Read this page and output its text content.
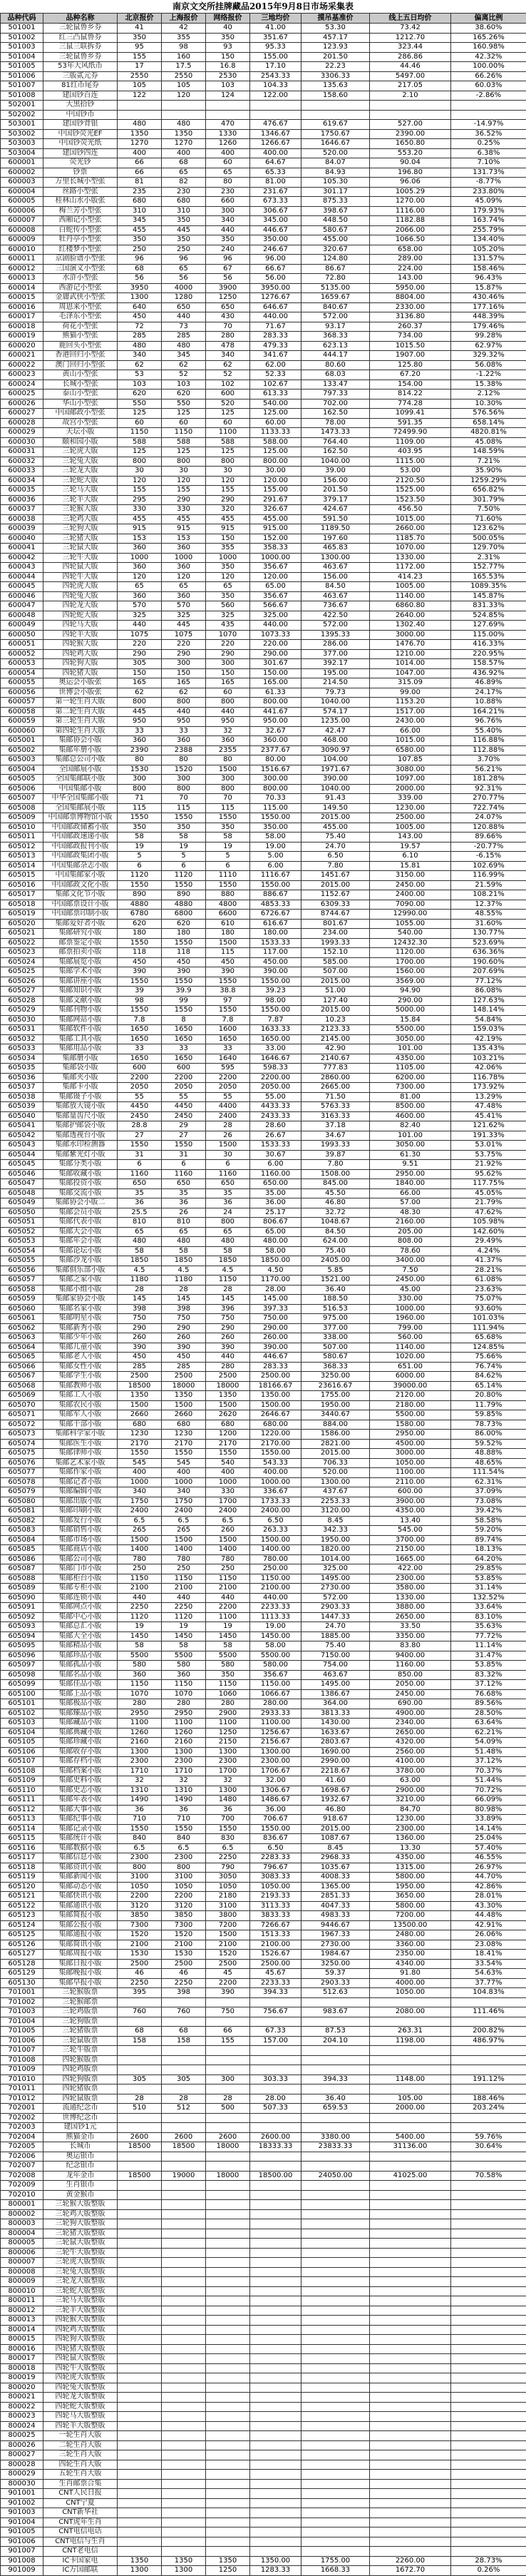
南京文交所挂牌藏品2015年9月8日市场采集表
品种代码	品种名称	北京报价	上海报价	网络报价	三地均价	摸吊基准价	线上五日均价	偏离比例
501001	三轮鼠鲁乡券	41	42	40	41.00	53.30	73.42	38.60%
501002	红三凸鼠鲁券	350	355	350	351.67	457.17	1212.70	165.26%
501003	三鼠三联拆券	95	98	93	95.33	123.93	323.44	160.98%
501004	三轮鼠鲁乡券	155	160	150	155.00	201.50	286.86	42.32%
501005	53年大风纸币	17	17.5	16.8	17.10	22.23	44.46	100.00%
501006	三版贰元券	2550	2550	2530	2543.33	3306.33	5497.00	66.26%
501007	81红币尾券	105	105	103	104.33	135.63	217.05	60.03%
501008	建国钞百连	122	120	124	122.00	158.60	2.10	-2.86%
502001	大黑拾钞							
502002	中国钞币							
503001	建国钞背银	480	480	470	476.67	619.67	527.00	-14.97%
503002	中国钞荧光EF	1350	1350	1330	1346.67	1750.67	2390.00	36.52%
503003	中国钞荧光纸	1270	1270	1260	1266.67	1646.67	1650.80	0.25%
503004	建国钞四连	400	400	400	400.00	520.00	553.20	6.38%
600001	荧光钞	66	68	60	64.67	84.07	90.04	7.10%
600002	钞票	66	65	65	65.33	84.93	196.80	131.73%
600003	万里长城小型张	81	82	80	81.00	105.30	96.06	-8.77%
600004	丝路小型张	235	230	230	231.67	301.17	1005.29	233.80%
600005	桂林山水小版张	680	680	660	673.33	875.33	1270.00	45.09%
600006	梅兰芳小型张	310	310	300	306.67	398.67	1116.00	179.93%
600007	西厢记小型张	345	350	340	345.00	448.50	1182.88	163.74%
600008	白蛇传小型张	455	445	440	446.67	580.67	2066.00	255.79%
600009	牡丹亭小型张	350	350	350	350.00	455.00	1066.50	134.40%
600010	红楼梦小型张	250	250	240	246.67	320.67	658.00	105.20%
600011	京剧脸谱小型张	96	96	96	96.00	124.80	289.00	131.57%
600012	三国演义小型张	68	65	67	66.67	86.67	224.00	158.46%
600013	水浒小型张	56	56	56	56.00	72.80	143.00	96.43%
600014	西游记小型张	3950	4000	3900	3950.00	5135.00	5950.00	15.87%
600015	金庸武侠小型张	1300	1280	1250	1276.67	1659.67	8804.00	430.46%
600016	周恩来小型张	640	650	650	646.67	840.67	2330.00	177.16%
600017	毛泽东小型张	450	440	430	440.00	572.00	3136.80	448.39%
600018	荷花小型张	72	73	70	71.67	93.17	260.37	179.46%
600019	熊猫小型张	285	285	280	283.33	368.33	734.00	99.28%
600020	鹿回头小型张	480	480	478	479.33	623.13	1015.50	62.97%
600021	香港回归小型张	340	345	340	341.67	444.17	1907.00	329.32%
600022	澳门回归小型张	62	62	62	62.00	80.60	125.80	56.08%
600023	黄山小型张	53	52	52	52.33	68.03	67.20	-1.22%
600024	长城小型张	103	103	102	102.67	133.47	154.00	15.38%
600025	泰山小型张	620	620	600	613.33	797.33	814.22	2.12%
600026	华山小型张	550	550	520	540.00	702.00	774.28	10.30%
600027	中国邮政小型张	125	125	125	125.00	162.50	1099.41	576.56%
600028	故宫小型张	60	60	60	60.00	78.00	591.35	658.14%
600029	天坛小版	1150	1150	1100	1133.33	1473.33	72499.90	4820.81%
600030	颐和园小版	588	588	588	588.00	764.40	1109.00	45.08%
600031	三轮虎大版	125	125	125	125.00	162.50	403.95	148.59%
600032	三轮兔大版	800	800	800	800.00	1040.00	1115.00	7.21%
600033	三轮龙大版	30	30	30	30.00	39.00	53.00	35.90%
600034	三轮蛇大版	120	120	120	120.00	156.00	2120.50	1259.29%
600035	三轮马大版	155	155	155	155.00	201.50	1525.00	656.82%
600036	三轮羊大版	295	290	290	291.67	379.17	1523.50	301.79%
600037	三轮猴大版	330	330	320	326.67	424.67	456.50	7.50%
600038	三轮鸡大版	455	455	455	455.00	591.50	1015.00	71.60%
600039	三轮狗大版	915	915	915	915.00	1189.50	2660.00	123.62%
600040	三轮猪大版	153	153	150	152.00	197.60	1185.70	500.05%
600041	三轮鼠大版	360	360	355	358.33	465.83	1070.00	129.70%
600042	三轮牛大版	1000	1000	1000	1000.00	1300.00	1330.00	2.31%
600043	四轮鼠大版	360	360	350	356.67	463.67	1172.00	152.77%
600044	四轮牛大版	120	120	120	120.00	156.00	414.23	165.53%
600045	四轮虎大版	65	65	65	65.00	84.50	1005.00	1089.35%
600046	四轮兔大版	360	360	350	356.67	463.67	1140.00	145.87%
600047	四轮龙大版	570	570	560	566.67	736.67	6860.80	831.33%
600048	四轮蛇大版	325	325	325	325.00	422.50	2640.00	524.85%
600049	四轮马大版	440	445	435	440.00	572.00	1302.40	127.69%
600050	四轮羊大版	1075	1075	1070	1073.33	1395.33	3000.00	115.00%
600051	四轮猴大版	220	220	220	220.00	286.00	1476.70	416.33%
600052	四轮鸡大版	290	290	290	290.00	377.00	1210.00	220.95%
600053	四轮狗大版	305	300	300	301.67	392.17	1014.00	158.57%
600054	四轮猪大版	150	150	150	150.00	195.00	1047.00	436.92%
600055	奥运会小版张	165	165	165	165.00	214.50	315.09	46.89%
600056	世博会小版张	62	62	60	61.33	79.73	99.00	24.17%
600057	第一轮生肖大版	800	800	800	800.00	1040.00	1153.20	10.88%
600058	第二轮生肖大版	445	440	440	441.67	574.17	1517.00	164.21%
600059	第三轮生肖大版	950	950	950	950.00	1235.00	2430.00	96.76%
600060	第四轮生肖大版	33	33	32	32.67	42.47	66.00	55.40%
605001	集邮协会小版	360	360	360	360.00	468.00	1015.00	116.88%
605002	集邮年册小版	2390	2388	2355	2377.67	3090.97	6580.00	112.88%
605003	集邮总公司小版	80	80	80	80.00	104.00	107.85	3.70%
605004	全国邮展小版	1530	1520	1500	1516.67	1971.67	3080.00	56.21%
605005	全国集邮联小版	300	300	300	300.00	390.00	1097.00	181.28%
605006	中国集邮小版	800	800	800	800.00	1040.00	2000.00	92.31%
605007	中华全国集邮小版	71	70	70	70.33	91.43	339.00	270.77%
605008	全国集邮展小版	115	115	115	115.00	149.50	1230.00	722.74%
605009	中国邮票博物馆小版	1550	1550	1550	1550.00	2015.00	2500.00	24.07%
605010	中国邮政储蓄小版	350	350	350	350.00	455.00	1005.00	120.88%
605011	中国邮政速递小版	58	58	58	58.00	75.40	143.00	89.66%
605012	中国邮政报刊小版	19	19	19	19.00	24.70	19.57	-20.77%
605013	中国邮政集团小版	5	5	5	5.00	6.50	6.10	-6.15%
605014	中国集邮杂志小版	6	6	6	6.00	7.80	15.81	102.69%
605015	中国集邮家小版	1120	1120	1110	1116.67	1451.67	3150.00	116.99%
605016	中国邮政文化小版	1550	1550	1550	1550.00	2015.00	2450.00	21.59%
605017	集邮文化节小版	890	890	880	886.67	1152.67	2400.00	108.21%
605018	中国邮票设计小版	4880	4880	4800	4853.33	6309.33	7090.00	12.37%
605019	中国邮票印制小版	6780	6800	6600	6726.67	8744.67	12990.00	48.55%
605020	集邮爱好者小版	620	620	610	616.67	801.67	1055.00	31.60%
605021	集邮研究小版	180	180	180	180.00	234.00	540.00	130.77%
605022	邮票鉴定小版	1550	1550	1500	1533.33	1993.33	12432.30	523.69%
605023	邮票拍卖小版	118	118	115	117.00	152.10	1120.00	636.36%
605024	集邮展览小版	450	450	450	450.00	585.00	1700.00	190.60%
605025	集邮学术小版	390	390	390	390.00	507.00	1560.00	207.69%
605026	集邮讲座小版	1550	1550	1550	1550.00	2015.00	3569.00	77.12%
605027	集邮知识小版	39	39.9	38.8	39.23	51.00	94.90	86.08%
605028	集邮文献小版	98	99	97	98.00	127.40	290.00	127.63%
605029	集邮刊物小版	1550	1550	1550	1550.00	2015.00	5000.00	148.14%
605030	集邮网站小版	7.8	8	7.8	7.87	10.23	15.84	54.84%
605031	集邮软件小版	1650	1650	1600	1633.33	2123.33	5500.00	159.03%
605032	集邮工具小版	1650	1650	1650	1650.00	2145.00	3050.00	42.19%
605033	集邮用品小版	33	33	33	33.00	42.90	101.00	135.43%
605034	集邮册小版	1650	1650	1640	1646.67	2140.67	4350.00	103.21%
605035	集邮袋小版	600	600	595	598.33	777.83	1105.00	42.06%
605036	集邮夹小版	2200	2200	2200	2200.00	2860.00	6200.00	116.78%
605037	集邮卡小版	2050	2050	2050	2050.00	2665.00	7300.00	173.92%
605038	集邮镊子小版	55	55	55	55.00	71.50	81.00	13.29%
605039	集邮放大镜小版	4450	4450	4400	4433.33	5763.33	8500.00	47.48%
605040	集邮量齿尺小版	2450	2450	2400	2433.33	3163.33	4600.00	45.41%
605041	集邮护邮袋小版	28.8	29	28	28.60	37.18	82.40	121.62%
605042	集邮透视台小版	27	27	26	26.67	34.67	101.00	191.33%
605043	集邮水印检测器	1550	1550	1500	1533.33	1993.33	3050.00	53.01%
605044	集邮紫光灯小版	31	31	30	30.67	39.87	61.30	53.75%
605045	集邮分类小版	6	6	6	6.00	7.80	9.51	21.92%
605046	集邮收藏小版	1160	1160	1160	1160.00	1508.00	2950.00	95.62%
605047	集邮投资小版	650	650	650	650.00	845.00	1840.00	117.75%
605048	集邮交流小版	35	35	35	35.00	45.50	66.00	45.05%
605049	集邮协会小版二	36	36	36	36.00	46.80	57.00	21.79%
605050	集邮会员小版	25.5	26	24	25.17	32.72	48.30	47.62%
605051	集邮代表小版	810	810	800	806.67	1048.67	2160.00	105.98%
605052	集邮大会小版	65	65	65	65.00	84.50	205.00	142.60%
605053	集邮年会小版	480	480	480	480.00	624.00	808.00	29.49%
605054	集邮论坛小版	58	58	58	58.00	75.40	78.60	4.24%
605055	集邮沙龙小版	1850	1850	1850	1850.00	2405.00	3400.00	41.37%
605056	集邮俱乐部小版	4.5	4.5	4.5	4.50	5.85	7.50	28.21%
605057	集邮之家小版	1180	1180	1150	1170.00	1521.00	2450.00	61.08%
605058	集邮小组小版	28	28	28	28.00	36.40	45.00	23.63%
605059	集邮家协会小版	145	145	145	145.00	188.50	330.00	75.07%
605060	集邮名家小版	398	398	396	397.33	516.53	1000.00	93.60%
605061	集邮明星小版	750	750	750	750.00	975.00	1960.00	101.03%
605062	集邮新秀小版	290	290	290	290.00	377.00	799.00	111.94%
605063	集邮少年小版	260	260	260	260.00	338.00	560.00	65.68%
605064	集邮儿童小版	390	390	390	390.00	507.00	1140.00	124.85%
605065	集邮老人小版	450	450	440	446.67	580.67	1020.00	75.66%
605066	集邮女性小版	285	285	280	283.33	368.33	651.00	76.74%
605067	集邮学生小版	2500	2500	2500	2500.00	3250.00	6000.00	84.62%
605068	集邮教师小版	18500	18000	18000	18166.67	23616.67	39000.00	65.14%
605069	集邮工人小版	1350	1350	1350	1350.00	1755.00	2120.00	20.80%
605070	集邮农民小版	1500	1500	1500	1500.00	1950.00	2180.00	11.79%
605071	集邮军人小版	2660	2660	2620	2646.67	3440.67	5500.00	59.85%
605072	集邮干部小版	680	680	680	680.00	884.00	1580.00	78.73%
605073	集邮科学家小版	1230	1230	1200	1220.00	1586.00	2950.00	86.00%
605074	集邮医生小版	2170	2170	2170	2170.00	2821.00	4500.00	59.52%
605075	集邮律师小版	1550	1550	1550	1550.00	2015.00	3000.00	48.88%
605076	集邮艺术家小版	545	545	540	543.33	706.33	1050.00	48.65%
605077	集邮作家小版	400	400	400	400.00	520.00	1100.00	111.54%
605078	集邮记者小版	1000	1000	1000	1000.00	1300.00	2110.00	62.31%
605079	集邮编辑小版	340	340	330	336.67	437.67	600.00	37.09%
605080	集邮出版小版	1750	1750	1700	1733.33	2253.33	3900.00	73.08%
605081	集邮印刷小版	2400	2400	2400	2400.00	3120.00	4350.00	39.42%
605082	集邮发行小版	6.5	6.5	6.5	6.50	8.45	13.40	58.58%
605083	集邮销售小版	265	265	260	263.33	342.33	545.00	59.20%
605084	集邮市场小版	1500	1500	1500	1500.00	1950.00	3700.00	89.74%
605085	集邮商店小版	1400	1400	1400	1400.00	1820.00	2150.00	18.13%
605086	集邮公司小版	780	780	780	780.00	1014.00	1665.00	64.20%
605087	集邮门市小版	250	250	250	250.00	325.00	422.00	29.85%
605088	集邮柜台小版	1150	1150	1150	1150.00	1495.00	2300.00	53.85%
605089	集邮专柜小版	2100	2100	2100	2100.00	2730.00	3580.00	31.14%
605090	集邮连锁小版	440	440	440	440.00	572.00	1330.00	132.52%
605091	集邮网点小版	2250	2250	2200	2233.33	2903.33	3880.00	33.64%
605092	集邮中心小版	1120	1120	1100	1113.33	1447.33	2650.00	83.10%
605093	集邮总汇小版	19	19	19	19.00	24.70	33.50	35.63%
605094	集邮大全小版	1450	1450	1450	1450.00	1885.00	3350.00	77.72%
605095	集邮精品小版	58	58	58	58.00	75.40	83.80	11.14%
605096	集邮珍品小版	5500	5500	5500	5500.00	7150.00	9400.00	31.47%
605097	集邮孤品小版	580	580	580	580.00	754.00	1160.00	53.85%
605098	集邮名品小版	360	360	350	356.67	463.67	850.00	83.32%
605099	集邮佳品小版	1150	1150	1150	1150.00	1495.00	2050.00	37.12%
605100	集邮上品小版	1070	1070	1060	1066.67	1386.67	2450.00	76.68%
605101	集邮极品小版	280	280	280	280.00	364.00	690.00	89.56%
605102	集邮臻品小版	2950	2950	2900	2933.33	3813.33	4900.00	28.50%
605103	集邮藏品小版	1100	1100	1100	1100.00	1430.00	2340.00	63.64%
605104	集邮典藏小版	1260	1260	1250	1256.67	1633.67	2650.00	62.21%
605105	集邮珍藏小版	2160	2160	2150	2156.67	2803.67	4320.00	54.09%
605106	集邮收存小版	1300	1300	1300	1300.00	1690.00	2560.00	51.48%
605107	集邮存档小版	2300	2300	2300	2300.00	2990.00	4100.00	37.12%
605108	集邮档案小版	1710	1710	1700	1706.67	2218.67	3780.00	70.37%
605109	集邮史料小版	32	32	32	32.00	41.60	63.00	51.44%
605110	集邮史志小版	1310	1310	1300	1306.67	1698.67	2900.00	70.72%
605111	集邮年表小版	1490	1490	1480	1486.67	1932.67	3210.00	66.09%
605112	集邮大事小版	36	36	36	36.00	46.80	84.70	80.98%
605113	集邮纪事小版	710	710	700	706.67	918.67	1230.00	33.89%
605114	集邮记录小版	1550	1550	1550	1550.00	2015.00	2300.00	14.14%
605115	集邮统计小版	840	840	830	836.67	1087.67	1360.00	25.04%
605116	集邮数据小版	6.5	6.5	6.5	6.50	8.45	13.30	57.40%
605117	集邮信息小版	2300	2300	2250	2283.33	2968.33	4350.00	46.55%
605118	集邮资讯小版	800	800	790	796.67	1035.67	1315.00	26.97%
605119	集邮新闻小版	3100	3100	3050	3083.33	4008.33	5800.00	44.70%
605120	集邮动态小版	1050	1050	1050	1050.00	1365.00	1950.00	42.86%
605121	集邮快讯小版	2200	2200	2180	2193.33	2851.33	3650.00	28.01%
605122	集邮通讯小版	3120	3120	3100	3113.33	4047.33	5800.00	43.30%
605123	集邮简报小版	3850	3850	3800	3833.33	4983.33	7200.00	44.48%
605124	集邮公报小版	7300	7300	7200	7266.67	9446.67	13500.00	42.91%
605125	集邮通报小版	1520	1520	1500	1513.33	1967.33	2480.00	26.06%
605126	集邮简讯小版	2100	2100	2100	2100.00	2730.00	3360.00	23.08%
605127	集邮周报小版	1530	1530	1520	1526.67	1984.67	2350.00	18.41%
605128	集邮日报小版	2500	2500	2500	2500.00	3250.00	4340.00	33.54%
605129	集邮晚报小版	46	46	45	45.67	59.37	91.80	54.63%
605130	集邮早报小版	2250	2250	2200	2233.33	2903.33	4000.00	37.77%
701001	三轮猴版票	395	398	390	394.33	512.63	1050.00	104.83%
701002	三轮猴邮票							
701003	三轮鸡版票	760	760	750	756.67	983.67	2080.00	111.46%
701004	三轮狗版票							
701005	三轮猪版票	68	68	66	67.33	87.53	263.31	200.82%
701006	三轮鼠版票	158	158	155	157.00	204.10	1198.00	486.97%
701007	三轮牛版票							
701008	四轮猴版票							
701009	四轮鸡版票							
701010	四轮狗版票	305	305	300	303.33	394.33	1148.00	191.12%
701011	四轮猪版票							
701012	四轮鼠版票	28	28	28	28.00	36.40	105.00	188.46%
702001	流通纪念币	510	512	500	507.33	659.53	2000.00	203.24%
702002	世博纪念币							
702003	建国钞1元							
702004	熊猫金币	2600	2600	2600	2600.00	3380.00	5400.00	59.76%
702005	长城币	18500	18500	18000	18333.33	23833.33	31136.00	30.64%
702006	奥运银币							
702007	纪念银币							
702008	龙年金币	18500	19000	18000	18500.00	24050.00	41025.00	70.58%
702009	生肖银币							
702010	黄金猴币							
800001	三轮猴大版整版							
800002	三轮鸡大版整版							
800003	三轮狗大版整版							
800004	三轮猪大版整版							
800005	三轮鼠大版整版							
800006	三轮牛大版整版							
800007	三轮虎大版整版							
800008	三轮兔大版整版							
800009	三轮龙大版整版							
800010	三轮蛇大版整版							
800011	三轮马大版整版							
800012	三轮羊大版整版							
800013	四轮猴大版整版							
800014	四轮鸡大版整版							
800015	四轮狗大版整版							
800016	四轮猪大版整版							
800017	四轮鼠大版整版							
800018	四轮牛大版整版							
800019	四轮虎大版整版							
800020	四轮兔大版整版							
800021	四轮龙大版整版							
800022	四轮蛇大版整版							
800023	四轮马大版整版							
800024	四轮羊大版整版							
800025	一轮生肖大版							
800026	二轮生肖大版							
800027	三轮生肖大版							
800028	四轮生肖大版							
800029	五轮生肖大版							
800030	生肖邮票合集							
901001	CNT人民日报							
901002	CNT宁夏							
901003	CNT新华社							
901004	CNT虎年生肖							
901005	CNT电信电话							
901006	CNT电信与生肖							
901007	CNT老电信							
901008	IC卡国家电	1350	1350	1350	1350.00	1755.00	2260.00	28.73%
901009	IC万国邮联	1300	1300	1250	1283.33	1668.33	1672.70	0.26%
